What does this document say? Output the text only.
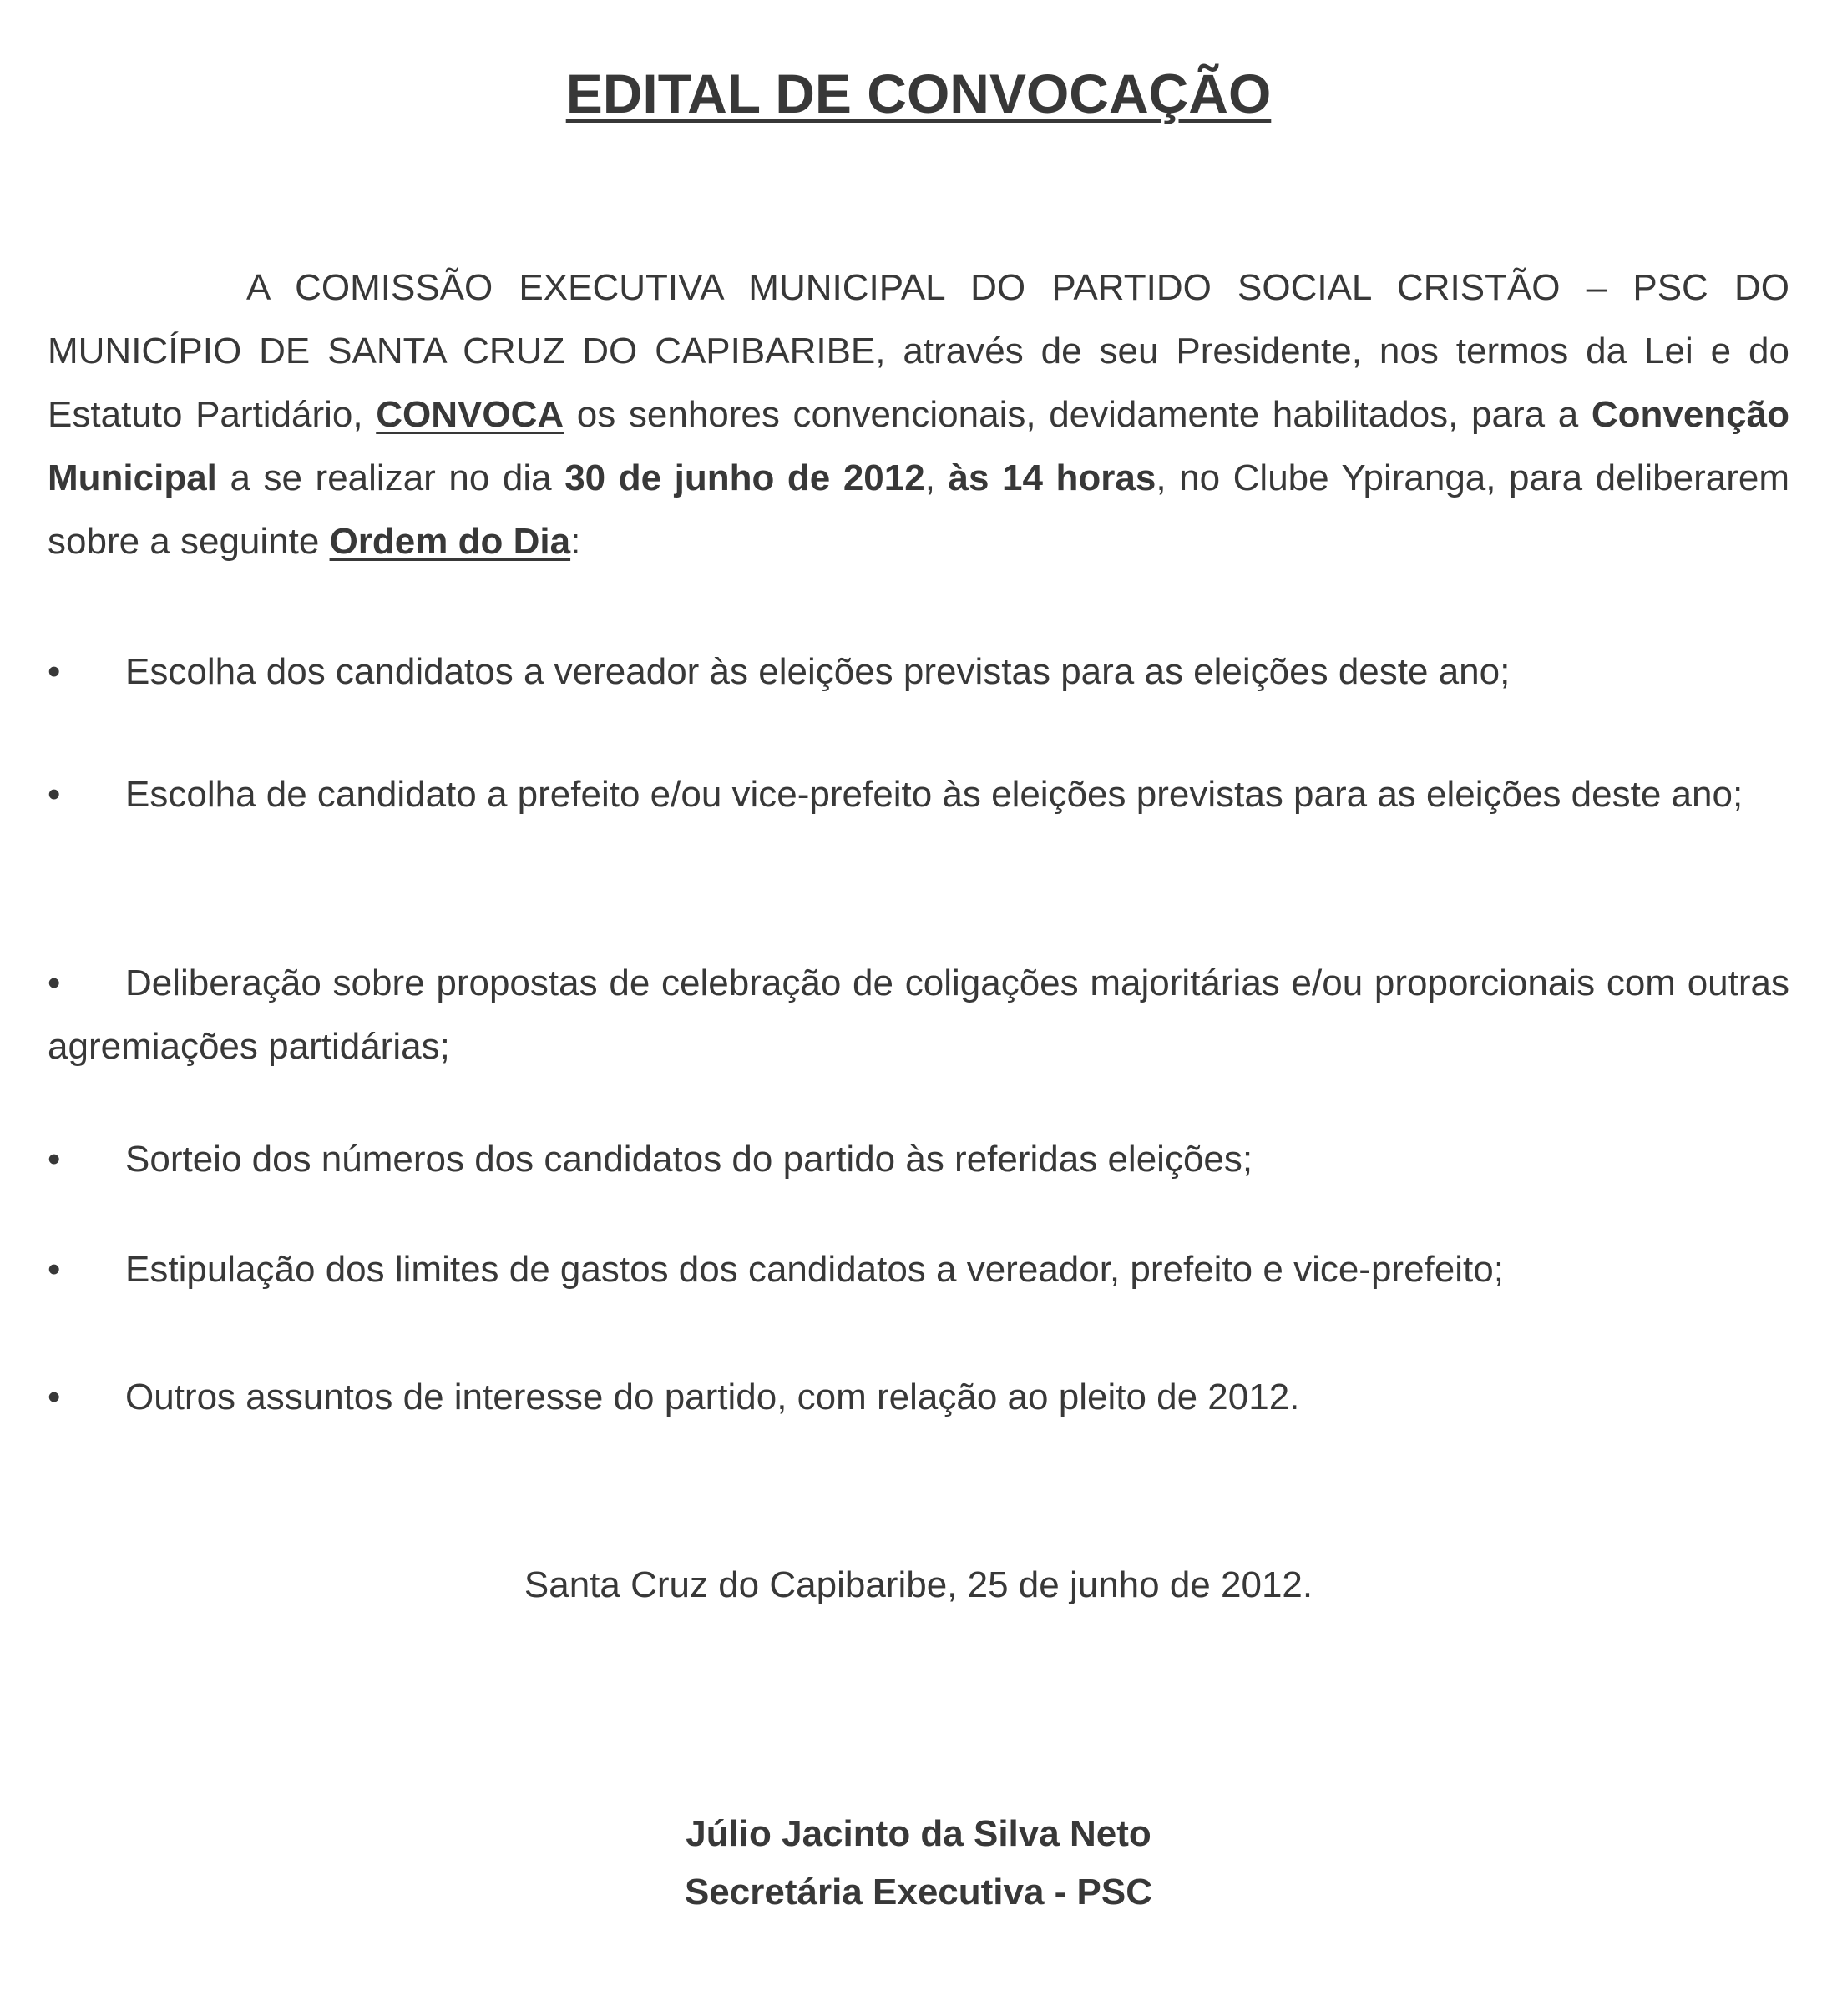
EDITAL DE CONVOCAÇÃO

A COMISSÃO EXECUTIVA MUNICIPAL DO PARTIDO SOCIAL CRISTÃO – PSC DO MUNICÍPIO DE SANTA CRUZ DO CAPIBARIBE, através de seu Presidente, nos termos da Lei e do Estatuto Partidário, CONVOCA os senhores convencionais, devidamente habilitados, para a Convenção Municipal a se realizar no dia 30 de junho de 2012, às 14 horas, no Clube Ypiranga, para deliberarem sobre a seguinte Ordem do Dia:

•	Escolha dos candidatos a vereador às eleições previstas para as eleições deste ano;

•	Escolha de candidato a prefeito e/ou vice-prefeito às eleições previstas para as eleições deste ano;

•	Deliberação sobre propostas de celebração de coligações majoritárias e/ou proporcionais com outras agremiações partidárias;

•	Sorteio dos números dos candidatos do partido às referidas eleições;

•	Estipulação dos limites de gastos dos candidatos a vereador, prefeito e vice-prefeito;

•	Outros assuntos de interesse do partido, com relação ao pleito de 2012.

Santa Cruz do Capibaribe, 25 de junho de 2012.

Júlio Jacinto da Silva Neto
Secretária Executiva - PSC
